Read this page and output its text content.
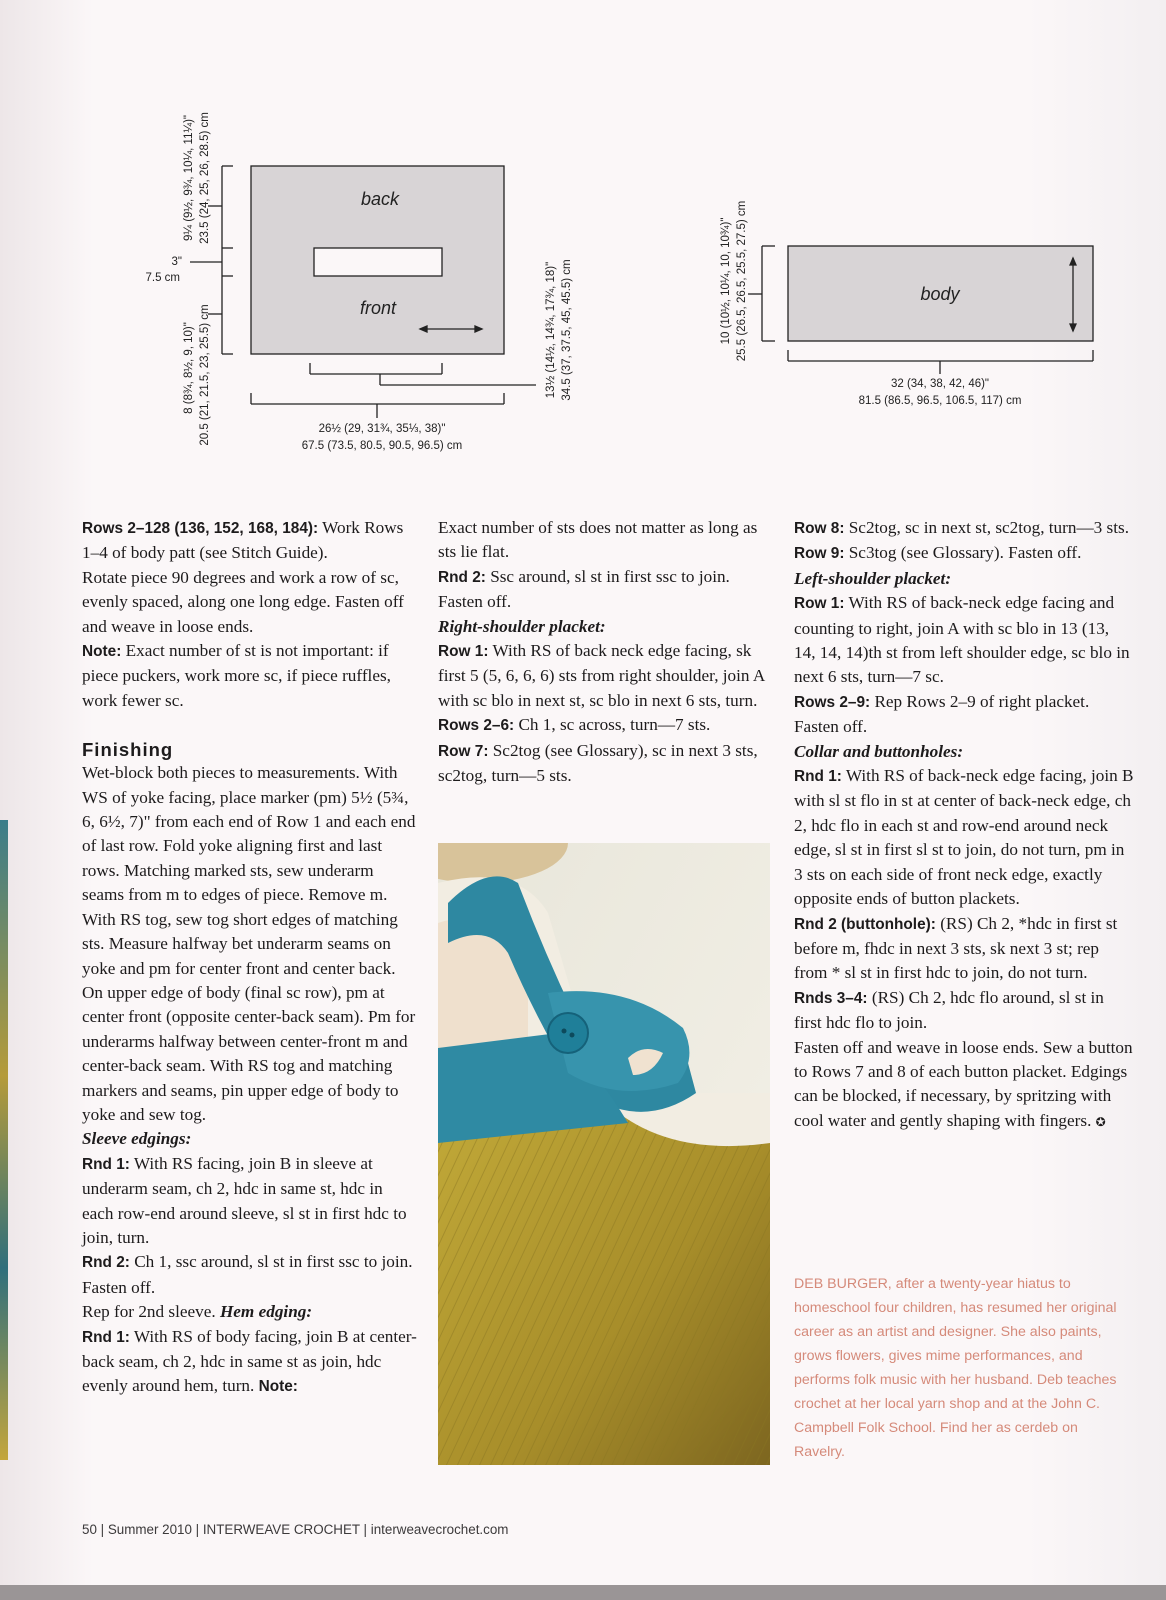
back
front
body
9¼ (9½, 9¾, 10¼, 11¼)" 23.5 (24, 25, 26, 28.5) cm
3"
7.5 cm
8 (8¾, 8½, 9, 10)" 20.5 (21, 21.5, 23, 25.5) cm	13½ (14½, 14¾, 17¾, 18)" 34.5 (37, 37.5, 45, 45.5) cm
26½ (29, 31¾, 35⅓, 38)"
67.5 (73.5, 80.5, 90.5, 96.5) cm
10 (10½, 10¼, 10, 10¾)" 25.5 (26.5, 26.5, 25.5, 27.5) cm
32 (34, 38, 42, 46)"
81.5 (86.5, 96.5, 106.5, 117) cm

Rows 2–128 (136, 152, 168, 184): Work Rows 1–4 of body patt (see Stitch Guide).

Rotate piece 90 degrees and work a row of sc, evenly spaced, along one long edge. Fasten off and weave in loose ends.

Note: Exact number of st is not important: if piece puckers, work more sc, if piece ruffles, work fewer sc.

Finishing

Wet-block both pieces to measurements. With WS of yoke facing, place marker (pm) 5½ (5¾, 6, 6½, 7)" from each end of Row 1 and each end of last row. Fold yoke aligning first and last rows. Matching marked sts, sew underarm seams from m to edges of piece. Remove m. With RS tog, sew tog short edges of matching sts. Measure halfway bet underarm seams on yoke and pm for center front and center back. On upper edge of body (final sc row), pm at center front (opposite center-back seam). Pm for underarms halfway between center-front m and center-back seam. With RS tog and matching markers and seams, pin upper edge of body to yoke and sew tog.

Sleeve edgings:

Rnd 1: With RS facing, join B in sleeve at underarm seam, ch 2, hdc in same st, hdc in each row-end around sleeve, sl st in first hdc to join, turn.

Rnd 2: Ch 1, ssc around, sl st in first ssc to join. Fasten off.

Rep for 2nd sleeve. Hem edging:

Rnd 1: With RS of body facing, join B at center-back seam, ch 2, hdc in same st as join, hdc evenly around hem, turn. Note:

Exact number of sts does not matter as long as sts lie flat.

Rnd 2: Ssc around, sl st in first ssc to join. Fasten off.

Right-shoulder placket:

Row 1: With RS of back neck edge facing, sk first 5 (5, 6, 6, 6) sts from right shoulder, join A with sc blo in next st, sc blo in next 6 sts, turn.

Rows 2–6: Ch 1, sc across, turn—7 sts.

Row 7: Sc2tog (see Glossary), sc in next 3 sts, sc2tog, turn—5 sts.

Row 8: Sc2tog, sc in next st, sc2tog, turn—3 sts.

Row 9: Sc3tog (see Glossary). Fasten off.

Left-shoulder placket:

Row 1: With RS of back-neck edge facing and counting to right, join A with sc blo in 13 (13, 14, 14, 14)th st from left shoulder edge, sc blo in next 6 sts, turn—7 sc.

Rows 2–9: Rep Rows 2–9 of right placket. Fasten off.

Collar and buttonholes:

Rnd 1: With RS of back-neck edge facing, join B with sl st flo in st at center of back-neck edge, ch 2, hdc flo in each st and row-end around neck edge, sl st in first sl st to join, do not turn, pm in 3 sts on each side of front neck edge, exactly opposite ends of button plackets.

Rnd 2 (buttonhole): (RS) Ch 2, *hdc in first st before m, fhdc in next 3 sts, sk next 3 st; rep from * sl st in first hdc to join, do not turn.

Rnds 3–4: (RS) Ch 2, hdc flo around, sl st in first hdc flo to join.

Fasten off and weave in loose ends. Sew a button to Rows 7 and 8 of each button placket. Edgings can be blocked, if necessary, by spritzing with cool water and gently shaping with fingers. ✪

DEB BURGER, after a twenty-year hiatus to homeschool four children, has resumed her original career as an artist and designer. She also paints, grows flowers, gives mime performances, and performs folk music with her husband. Deb teaches crochet at her local yarn shop and at the John C. Campbell Folk School. Find her as cerdeb on Ravelry.
50 | Summer 2010 | INTERWEAVE CROCHET | interweavecrochet.com
